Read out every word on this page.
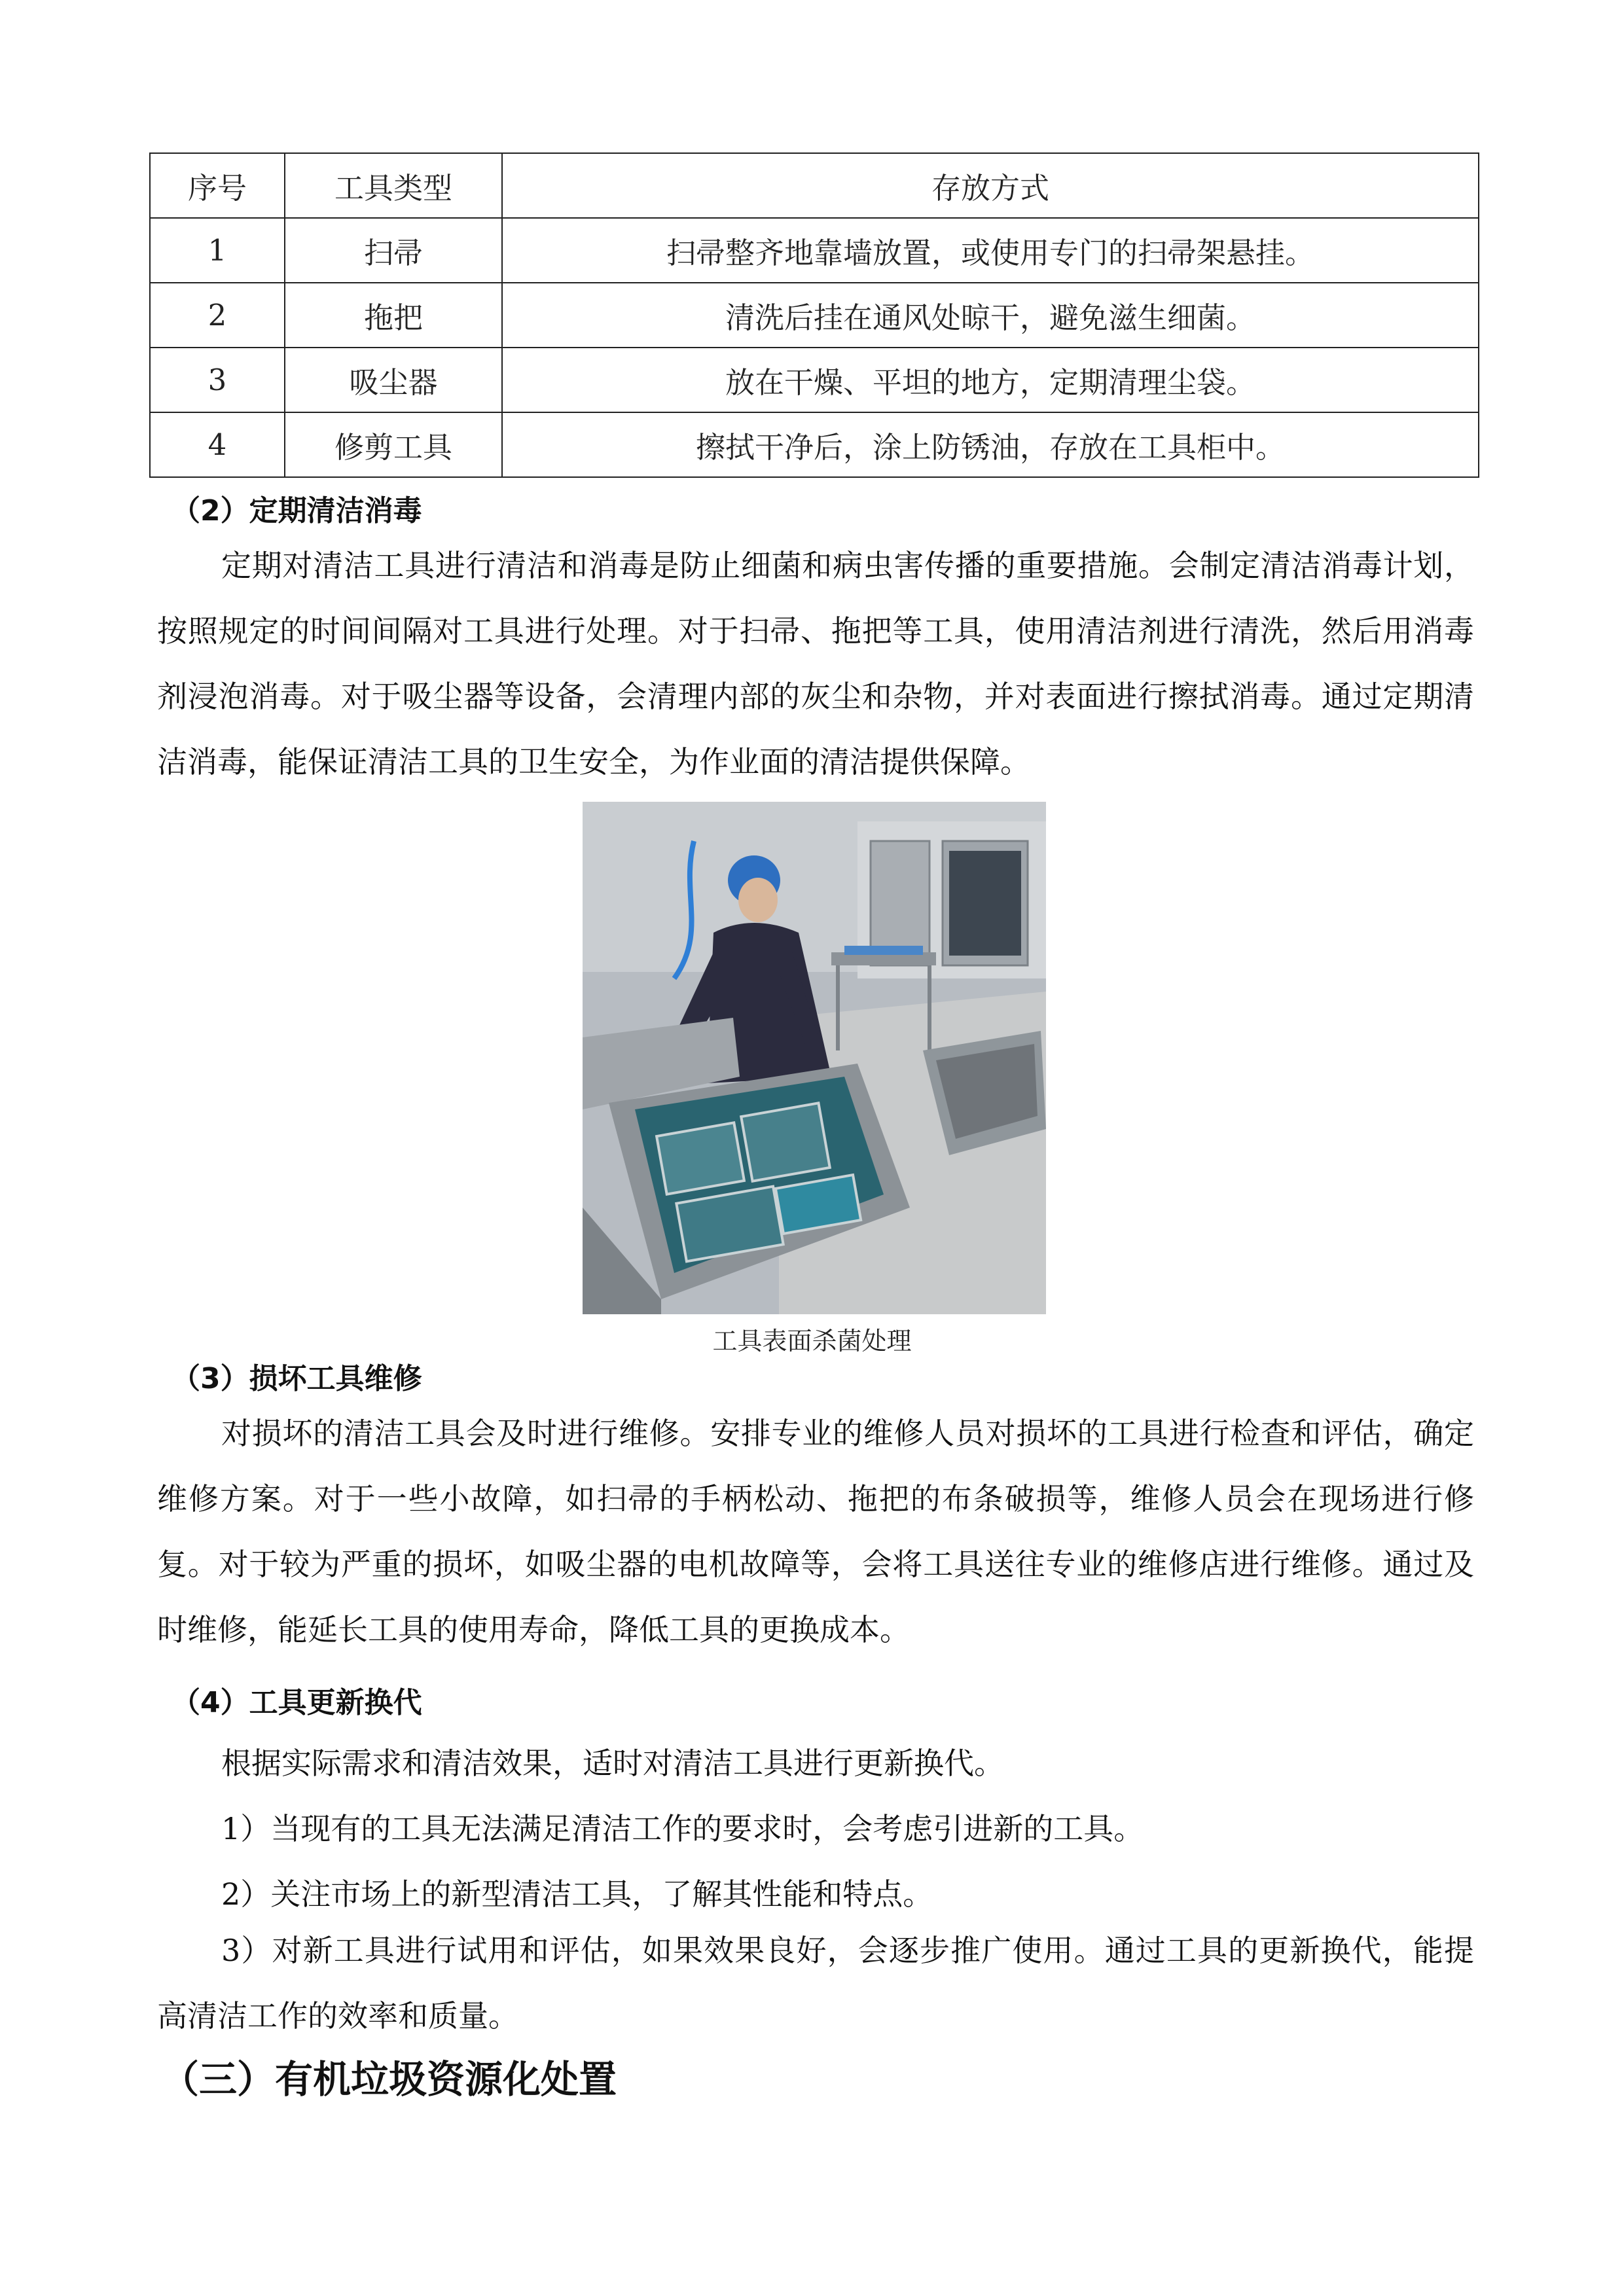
序号	工具类型	存放方式
1	扫帚	扫帚整齐地靠墙放置，或使用专门的扫帚架悬挂。
2	拖把	清洗后挂在通风处晾干，避免滋生细菌。
3	吸尘器	放在干燥、平坦的地方，定期清理尘袋。
4	修剪工具	擦拭干净后，涂上防锈油，存放在工具柜中。
（2）定期清洁消毒

定期对清洁工具进行清洁和消毒是防止细菌和病虫害传播的重要措施。会制定清洁消毒计划，按照规定的时间间隔对工具进行处理。对于扫帚、拖把等工具，使用清洁剂进行清洗，然后用消毒剂浸泡消毒。对于吸尘器等设备，会清理内部的灰尘和杂物，并对表面进行擦拭消毒。通过定期清洁消毒，能保证清洁工具的卫生安全，为作业面的清洁提供保障。

工具表面杀菌处理

（3）损坏工具维修

对损坏的清洁工具会及时进行维修。安排专业的维修人员对损坏的工具进行检查和评估，确定维修方案。对于一些小故障，如扫帚的手柄松动、拖把的布条破损等，维修人员会在现场进行修复。对于较为严重的损坏，如吸尘器的电机故障等，会将工具送往专业的维修店进行维修。通过及时维修，能延长工具的使用寿命，降低工具的更换成本。

（4）工具更新换代

根据实际需求和清洁效果，适时对清洁工具进行更新换代。

1）当现有的工具无法满足清洁工作的要求时，会考虑引进新的工具。

2）关注市场上的新型清洁工具，了解其性能和特点。

3）对新工具进行试用和评估，如果效果良好，会逐步推广使用。通过工具的更新换代，能提高清洁工作的效率和质量。

（三）有机垃圾资源化处置
